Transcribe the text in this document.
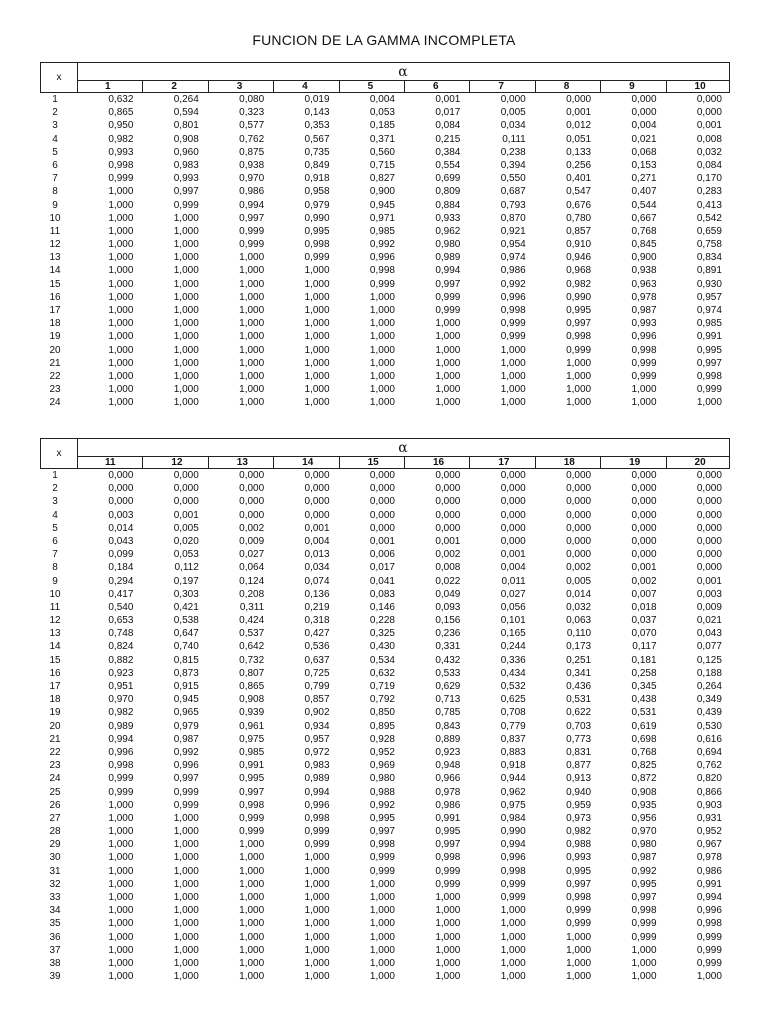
FUNCION DE LA GAMMA INCOMPLETA
x	α
1	2	3	4	5	6	7	8	9	10
1	0,632	0,264	0,080	0,019	0,004	0,001	0,000	0,000	0,000	0,000
2	0,865	0,594	0,323	0,143	0,053	0,017	0,005	0,001	0,000	0,000
3	0,950	0,801	0,577	0,353	0,185	0,084	0,034	0,012	0,004	0,001
4	0,982	0,908	0,762	0,567	0,371	0,215	0,111	0,051	0,021	0,008
5	0,993	0,960	0,875	0,735	0,560	0,384	0,238	0,133	0,068	0,032
6	0,998	0,983	0,938	0,849	0,715	0,554	0,394	0,256	0,153	0,084
7	0,999	0,993	0,970	0,918	0,827	0,699	0,550	0,401	0,271	0,170
8	1,000	0,997	0,986	0,958	0,900	0,809	0,687	0,547	0,407	0,283
9	1,000	0,999	0,994	0,979	0,945	0,884	0,793	0,676	0,544	0,413
10	1,000	1,000	0,997	0,990	0,971	0,933	0,870	0,780	0,667	0,542
11	1,000	1,000	0,999	0,995	0,985	0,962	0,921	0,857	0,768	0,659
12	1,000	1,000	0,999	0,998	0,992	0,980	0,954	0,910	0,845	0,758
13	1,000	1,000	1,000	0,999	0,996	0,989	0,974	0,946	0,900	0,834
14	1,000	1,000	1,000	1,000	0,998	0,994	0,986	0,968	0,938	0,891
15	1,000	1,000	1,000	1,000	0,999	0,997	0,992	0,982	0,963	0,930
16	1,000	1,000	1,000	1,000	1,000	0,999	0,996	0,990	0,978	0,957
17	1,000	1,000	1,000	1,000	1,000	0,999	0,998	0,995	0,987	0,974
18	1,000	1,000	1,000	1,000	1,000	1,000	0,999	0,997	0,993	0,985
19	1,000	1,000	1,000	1,000	1,000	1,000	0,999	0,998	0,996	0,991
20	1,000	1,000	1,000	1,000	1,000	1,000	1,000	0,999	0,998	0,995
21	1,000	1,000	1,000	1,000	1,000	1,000	1,000	1,000	0,999	0,997
22	1,000	1,000	1,000	1,000	1,000	1,000	1,000	1,000	0,999	0,998
23	1,000	1,000	1,000	1,000	1,000	1,000	1,000	1,000	1,000	0,999
24	1,000	1,000	1,000	1,000	1,000	1,000	1,000	1,000	1,000	1,000
x	α
11	12	13	14	15	16	17	18	19	20
1	0,000	0,000	0,000	0,000	0,000	0,000	0,000	0,000	0,000	0,000
2	0,000	0,000	0,000	0,000	0,000	0,000	0,000	0,000	0,000	0,000
3	0,000	0,000	0,000	0,000	0,000	0,000	0,000	0,000	0,000	0,000
4	0,003	0,001	0,000	0,000	0,000	0,000	0,000	0,000	0,000	0,000
5	0,014	0,005	0,002	0,001	0,000	0,000	0,000	0,000	0,000	0,000
6	0,043	0,020	0,009	0,004	0,001	0,001	0,000	0,000	0,000	0,000
7	0,099	0,053	0,027	0,013	0,006	0,002	0,001	0,000	0,000	0,000
8	0,184	0,112	0,064	0,034	0,017	0,008	0,004	0,002	0,001	0,000
9	0,294	0,197	0,124	0,074	0,041	0,022	0,011	0,005	0,002	0,001
10	0,417	0,303	0,208	0,136	0,083	0,049	0,027	0,014	0,007	0,003
11	0,540	0,421	0,311	0,219	0,146	0,093	0,056	0,032	0,018	0,009
12	0,653	0,538	0,424	0,318	0,228	0,156	0,101	0,063	0,037	0,021
13	0,748	0,647	0,537	0,427	0,325	0,236	0,165	0,110	0,070	0,043
14	0,824	0,740	0,642	0,536	0,430	0,331	0,244	0,173	0,117	0,077
15	0,882	0,815	0,732	0,637	0,534	0,432	0,336	0,251	0,181	0,125
16	0,923	0,873	0,807	0,725	0,632	0,533	0,434	0,341	0,258	0,188
17	0,951	0,915	0,865	0,799	0,719	0,629	0,532	0,436	0,345	0,264
18	0,970	0,945	0,908	0,857	0,792	0,713	0,625	0,531	0,438	0,349
19	0,982	0,965	0,939	0,902	0,850	0,785	0,708	0,622	0,531	0,439
20	0,989	0,979	0,961	0,934	0,895	0,843	0,779	0,703	0,619	0,530
21	0,994	0,987	0,975	0,957	0,928	0,889	0,837	0,773	0,698	0,616
22	0,996	0,992	0,985	0,972	0,952	0,923	0,883	0,831	0,768	0,694
23	0,998	0,996	0,991	0,983	0,969	0,948	0,918	0,877	0,825	0,762
24	0,999	0,997	0,995	0,989	0,980	0,966	0,944	0,913	0,872	0,820
25	0,999	0,999	0,997	0,994	0,988	0,978	0,962	0,940	0,908	0,866
26	1,000	0,999	0,998	0,996	0,992	0,986	0,975	0,959	0,935	0,903
27	1,000	1,000	0,999	0,998	0,995	0,991	0,984	0,973	0,956	0,931
28	1,000	1,000	0,999	0,999	0,997	0,995	0,990	0,982	0,970	0,952
29	1,000	1,000	1,000	0,999	0,998	0,997	0,994	0,988	0,980	0,967
30	1,000	1,000	1,000	1,000	0,999	0,998	0,996	0,993	0,987	0,978
31	1,000	1,000	1,000	1,000	0,999	0,999	0,998	0,995	0,992	0,986
32	1,000	1,000	1,000	1,000	1,000	0,999	0,999	0,997	0,995	0,991
33	1,000	1,000	1,000	1,000	1,000	1,000	0,999	0,998	0,997	0,994
34	1,000	1,000	1,000	1,000	1,000	1,000	1,000	0,999	0,998	0,996
35	1,000	1,000	1,000	1,000	1,000	1,000	1,000	0,999	0,999	0,998
36	1,000	1,000	1,000	1,000	1,000	1,000	1,000	1,000	0,999	0,999
37	1,000	1,000	1,000	1,000	1,000	1,000	1,000	1,000	1,000	0,999
38	1,000	1,000	1,000	1,000	1,000	1,000	1,000	1,000	1,000	0,999
39	1,000	1,000	1,000	1,000	1,000	1,000	1,000	1,000	1,000	1,000
